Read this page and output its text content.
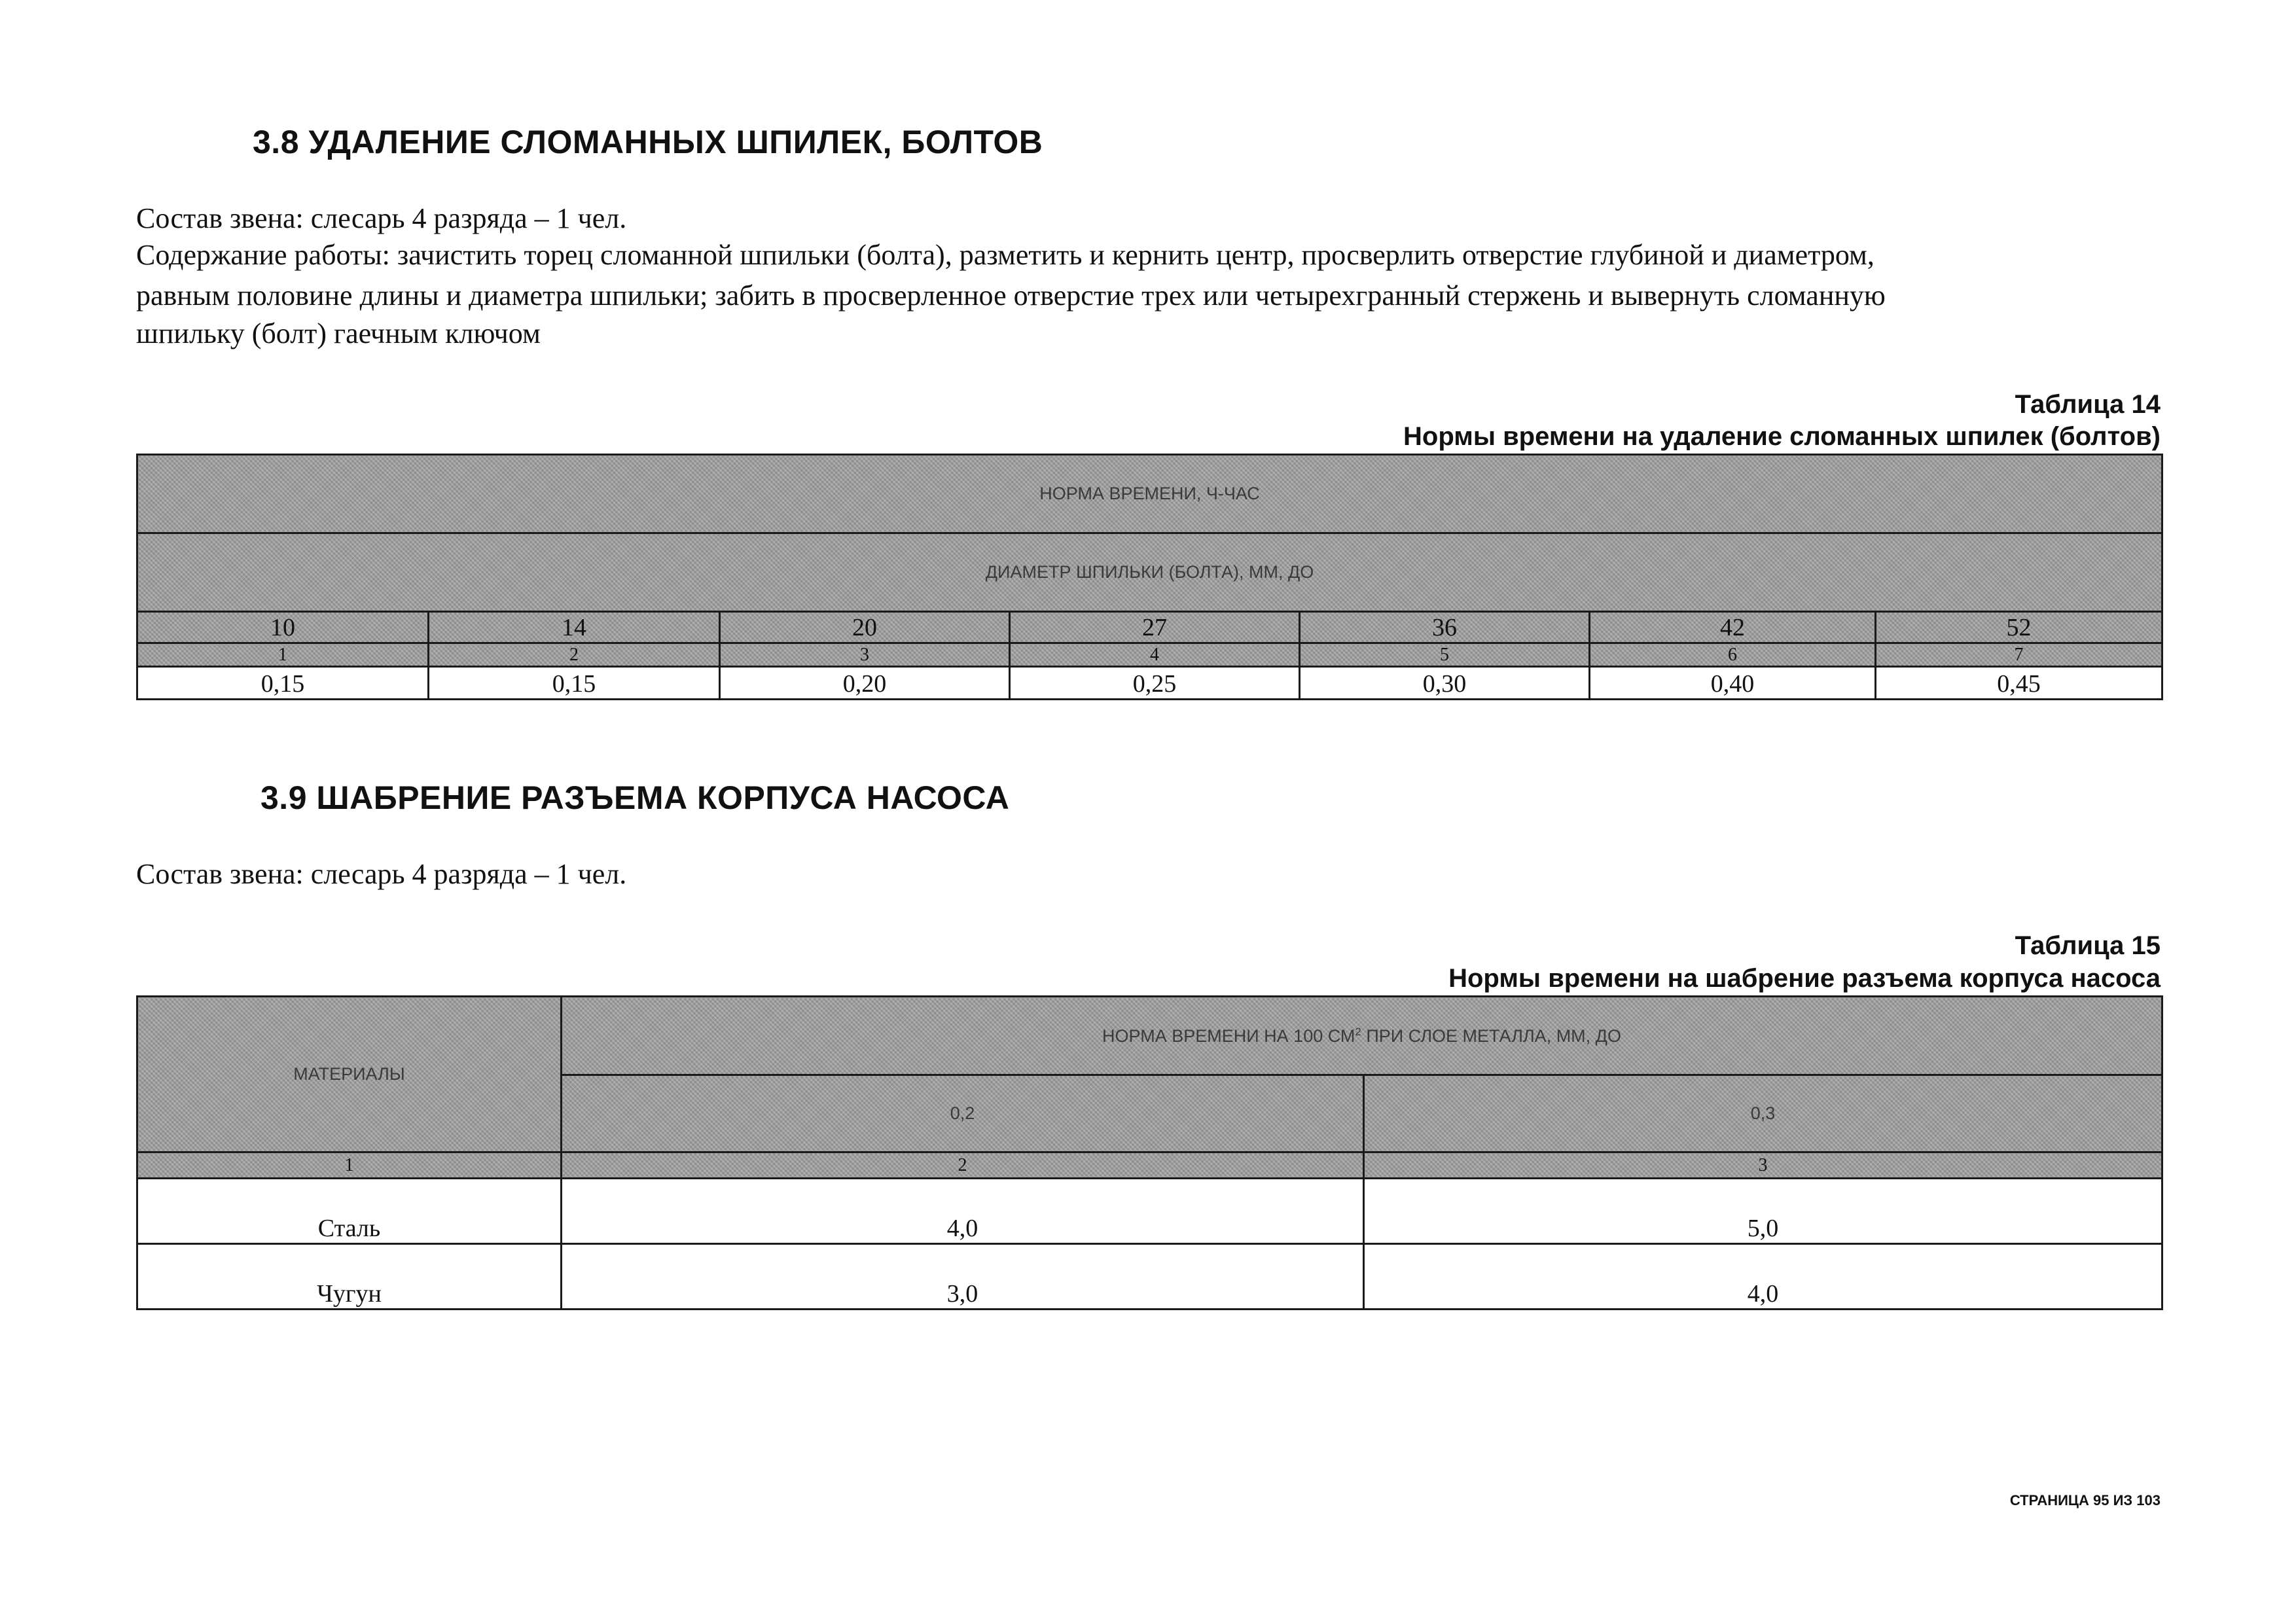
3.8 УДАЛЕНИЕ СЛОМАННЫХ ШПИЛЕК, БОЛТОВ
Состав звена: слесарь 4 разряда – 1 чел.
Содержание работы: зачистить торец сломанной шпильки (болта), разметить и кернить центр, просверлить отверстие глубиной и диаметром,
равным половине длины и диаметра шпильки; забить в просверленное отверстие трех или четырехгранный стержень и вывернуть сломанную
шпильку (болт) гаечным ключом
Таблица 14
Нормы времени на удаление сломанных шпилек (болтов)
НОРМА ВРЕМЕНИ, Ч-ЧАС						
ДИАМЕТР ШПИЛЬКИ (БОЛТА), ММ, ДО						
10	14	20	27	36	42	52
1	2	3	4	5	6	7
0,15	0,15	0,20	0,25	0,30	0,40	0,45
3.9 ШАБРЕНИЕ РАЗЪЕМА КОРПУСА НАСОСА
Состав звена: слесарь 4 разряда – 1 чел.
Таблица 15
Нормы времени на шабрение разъема корпуса насоса
МАТЕРИАЛЫ	НОРМА ВРЕМЕНИ НА 100 $СМ^2$ ПРИ СЛОЕ МЕТАЛЛА, ММ, ДО	
	0,2	0,3
1	2	3
Сталь	4,0	5,0
Чугун	3,0	4,0
СТРАНИЦА 95 ИЗ 103
